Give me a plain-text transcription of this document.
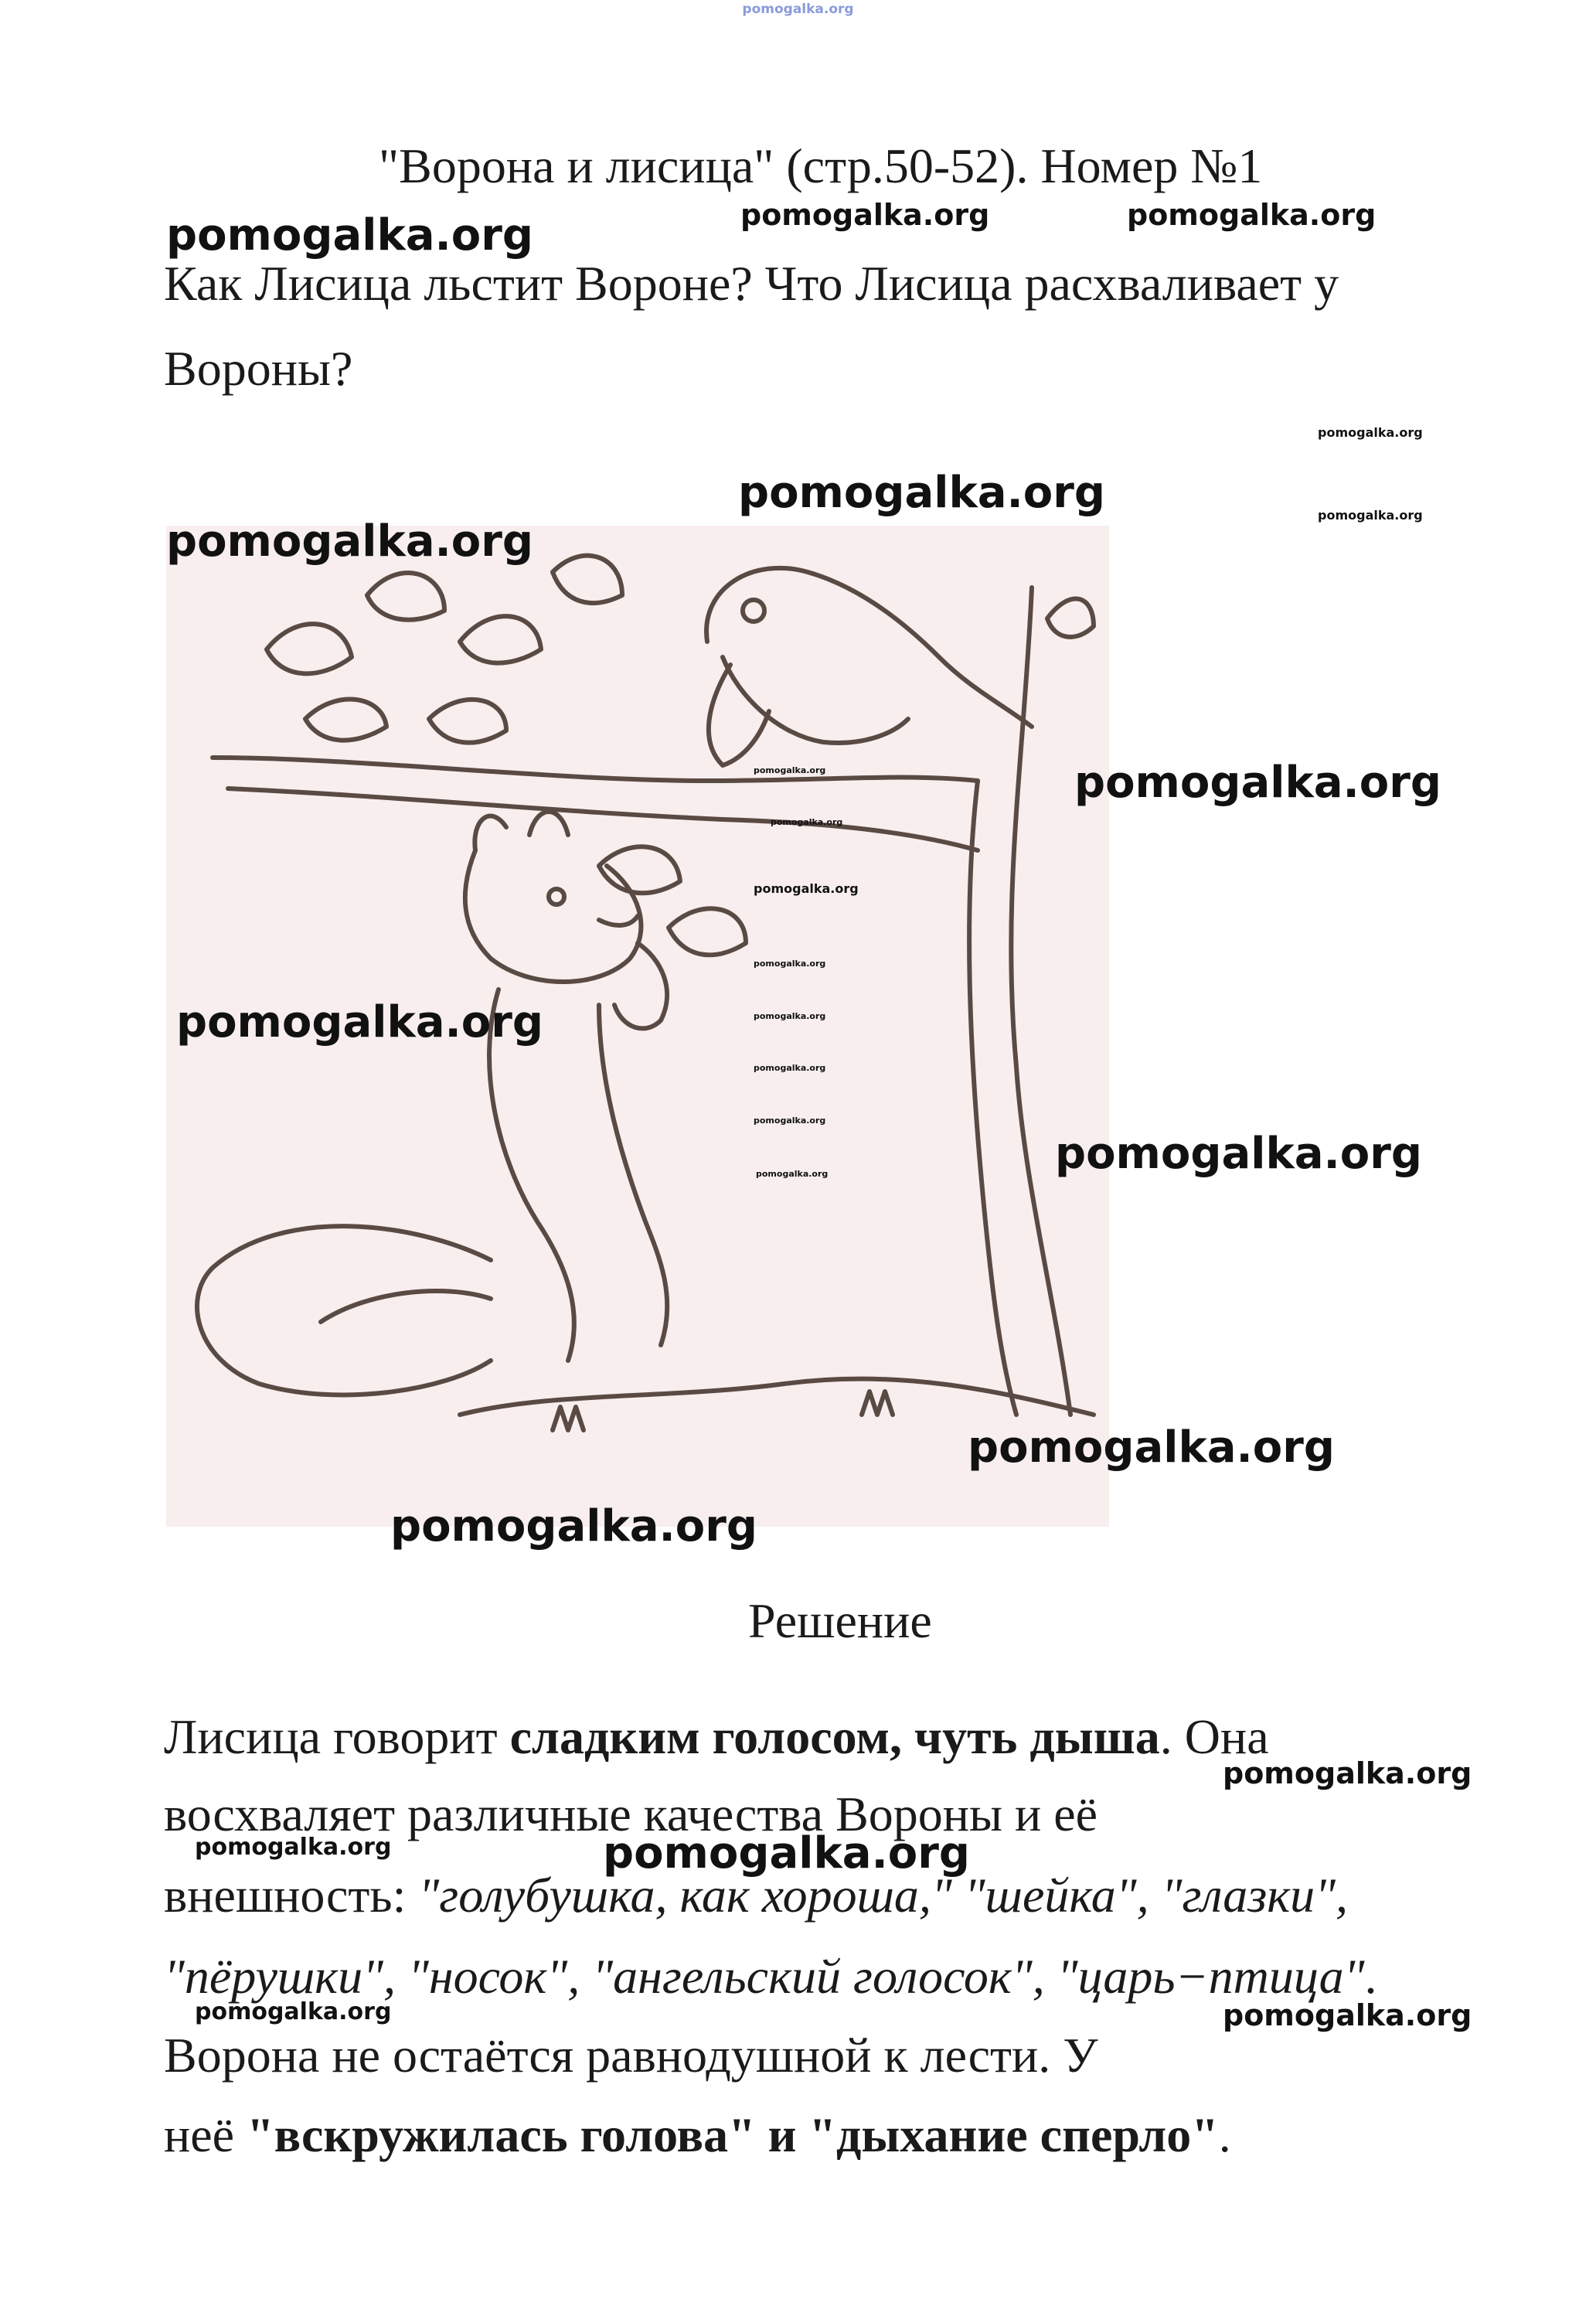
pomogalka.org
"Ворона и лисица" (стр.50-52). Номер №1
Как Лисица льстит Вороне? Что Лисица расхваливает у
Вороны?
pomogalka.org
pomogalka.org
pomogalka.org
pomogalka.org
pomogalka.org
pomogalka.org
pomogalka.org
pomogalka.org
pomogalka.org
pomogalka.org	pomogalka.org
pomogalka.org
pomogalka.org
pomogalka.org
pomogalka.org
pomogalka.org
pomogalka.org
pomogalka.org
pomogalka.org
pomogalka.org
pomogalka.org
pomogalka.org
pomogalka.org
pomogalka.org
pomogalka.org
Решение
Лисица говорит сладким голосом, чуть дыша. Она
восхваляет различные качества Вороны и её
внешность: "голубушка, как хороша," "шейка", "глазки",
"пёрушки", "носок", "ангельский голосок", "царь−птица".
Ворона не остаётся равнодушной к лести. У
неё "вскружилась голова" и "дыхание сперло".
